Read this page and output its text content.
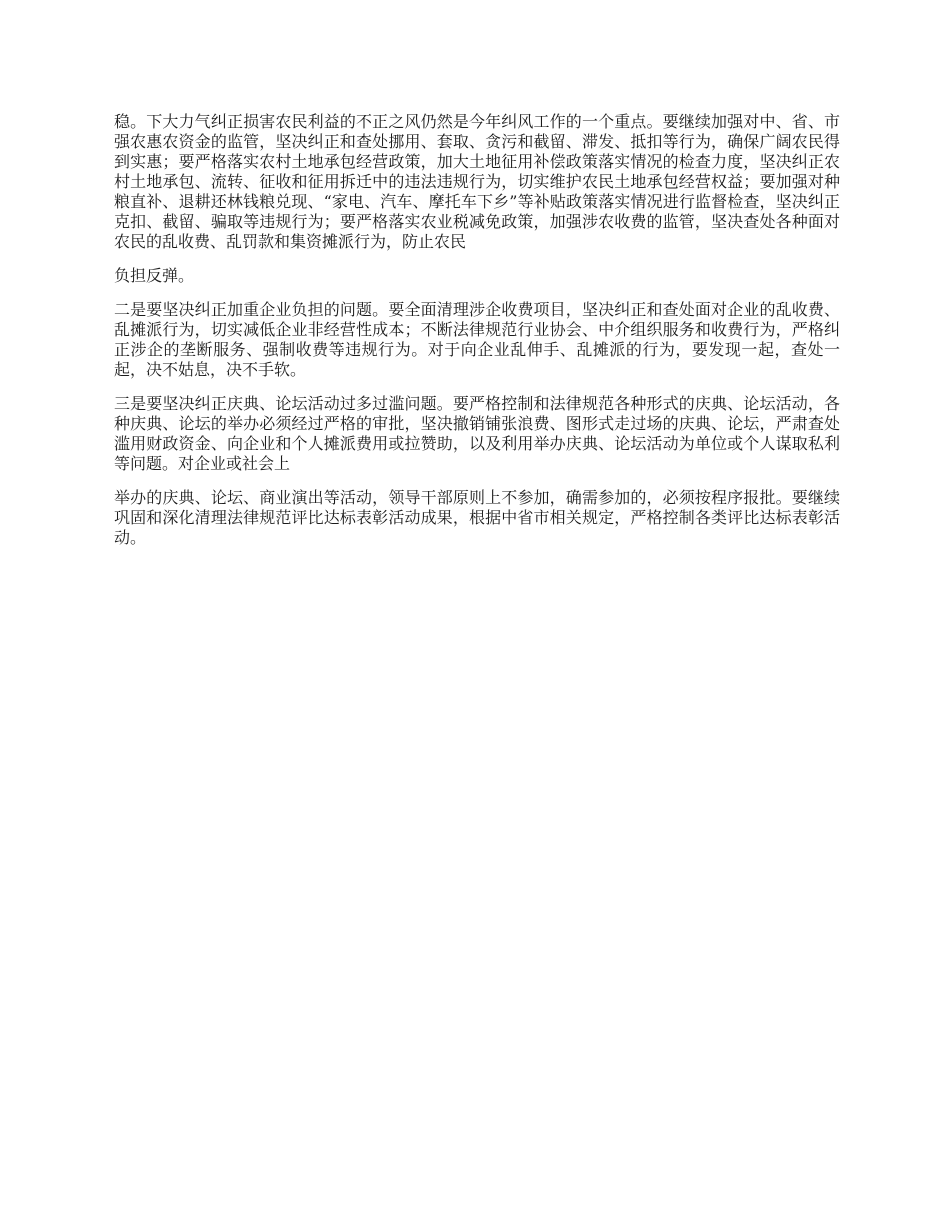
稳。下大力气纠正损害农民利益的不正之风仍然是今年纠风工作的一个重点。要继续加强对中、省、市强农惠农资金的监管，坚决纠正和查处挪用、套取、贪污和截留、滞发、抵扣等行为，确保广阔农民得到实惠；要严格落实农村土地承包经营政策，加大土地征用补偿政策落实情况的检查力度，坚决纠正农村土地承包、流转、征收和征用拆迁中的违法违规行为，切实维护农民土地承包经营权益；要加强对种粮直补、退耕还林钱粮兑现、“家电、汽车、摩托车下乡”等补贴政策落实情况进行监督检查，坚决纠正克扣、截留、骗取等违规行为；要严格落实农业税减免政策，加强涉农收费的监管，坚决查处各种面对农民的乱收费、乱罚款和集资摊派行为，防止农民

负担反弹。

二是要坚决纠正加重企业负担的问题。要全面清理涉企收费项目，坚决纠正和查处面对企业的乱收费、乱摊派行为，切实减低企业非经营性成本；不断法律规范行业协会、中介组织服务和收费行为，严格纠正涉企的垄断服务、强制收费等违规行为。对于向企业乱伸手、乱摊派的行为，要发现一起，查处一起，决不姑息，决不手软。

三是要坚决纠正庆典、论坛活动过多过滥问题。要严格控制和法律规范各种形式的庆典、论坛活动，各种庆典、论坛的举办必须经过严格的审批，坚决撤销铺张浪费、图形式走过场的庆典、论坛，严肃查处滥用财政资金、向企业和个人摊派费用或拉赞助，以及利用举办庆典、论坛活动为单位或个人谋取私利等问题。对企业或社会上

举办的庆典、论坛、商业演出等活动，领导干部原则上不参加，确需参加的，必须按程序报批。要继续巩固和深化清理法律规范评比达标表彰活动成果，根据中省市相关规定，严格控制各类评比达标表彰活动。
